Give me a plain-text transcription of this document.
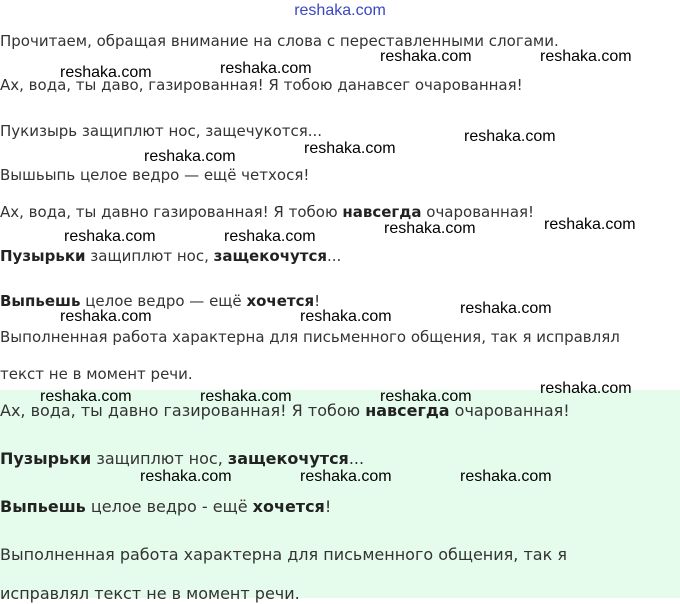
reshaka.com
Прочитаем, обращая внимание на слова с переставленными слогами.
Ах, вода, ты даво, газированная! Я тобою данавсег очарованная!
Пукизырь защиплют нос, защечукотся...
Вышьыпь целое ведро — ещё четхося!
Ах, вода, ты давно газированная! Я тобою навсегда очарованная!
Пузырьки защиплют нос, защекочутся...
Выпьешь целое ведро — ещё хочется!
Выполненная работа характерна для письменного общения, так я исправлял
текст не в момент речи.
Ах, вода, ты давно газированная! Я тобою навсегда очарованная!
Пузырьки защиплют нос, защекочутся...
Выпьешь целое ведро - ещё хочется!
Выполненная работа характерна для письменного общения, так я
исправлял текст не в момент речи.
reshaka.com	reshaka.com
reshaka.com	reshaka.com
reshaka.com
reshaka.com	reshaka.com
reshaka.com
reshaka.com
reshaka.com	reshaka.com
reshaka.com
reshaka.com	reshaka.com
reshaka.com
reshaka.com	reshaka.com	reshaka.com
reshaka.com	reshaka.com	reshaka.com
